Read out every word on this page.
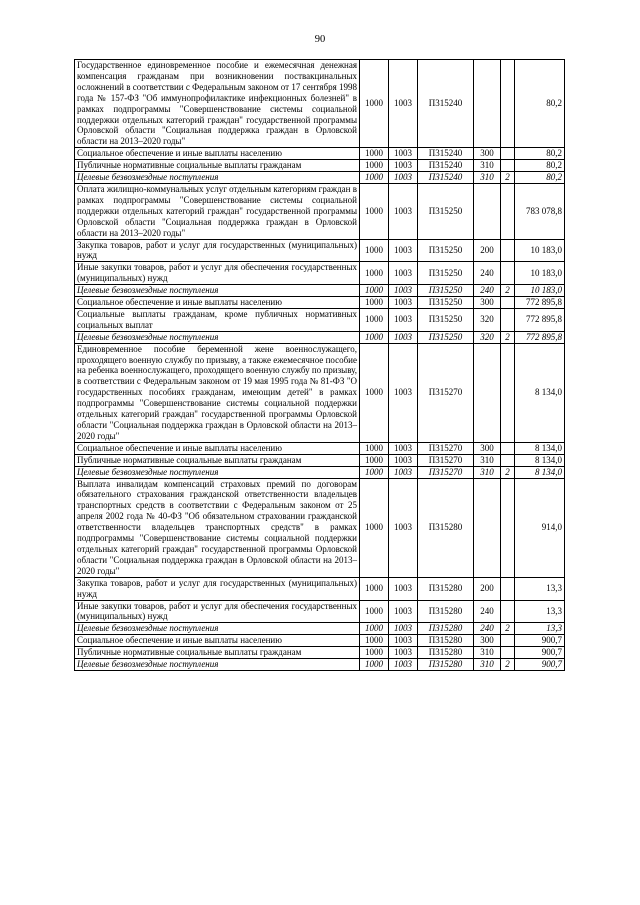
90
Государственное единовременное пособие и ежемесячная денежная компенсация гражданам при возникновении поствакцинальных осложнений в соответствии с Федеральным законом от 17 сентября 1998 года № 157-ФЗ "Об иммунопрофилактике инфекционных болезней" в рамках подпрограммы "Совершенствование системы социальной поддержки отдельных категорий граждан" государственной программы Орловской области "Социальная поддержка граждан в Орловской области на 2013–2020 годы"	1000	1003	П315240			80,2
Социальное обеспечение и иные выплаты населению	1000	1003	П315240	300		80,2
Публичные нормативные социальные выплаты гражданам	1000	1003	П315240	310		80,2
Целевые безвозмездные поступления	1000	1003	П315240	310	2	80,2
Оплата жилищно-коммунальных услуг отдельным категориям граждан в рамках подпрограммы "Совершенствование системы социальной поддержки отдельных категорий граждан" государственной программы Орловской области "Социальная поддержка граждан в Орловской области на 2013–2020 годы"	1000	1003	П315250			783 078,8
Закупка товаров, работ и услуг для государственных (муниципальных) нужд	1000	1003	П315250	200		10 183,0
Иные закупки товаров, работ и услуг для обеспечения государственных (муниципальных) нужд	1000	1003	П315250	240		10 183,0
Целевые безвозмездные поступления	1000	1003	П315250	240	2	10 183,0
Социальное обеспечение и иные выплаты населению	1000	1003	П315250	300		772 895,8
Социальные выплаты гражданам, кроме публичных нормативных социальных выплат	1000	1003	П315250	320		772 895,8
Целевые безвозмездные поступления	1000	1003	П315250	320	2	772 895,8
Единовременное пособие беременной жене военнослужащего, проходящего военную службу по призыву, а также ежемесячное пособие на ребенка военнослужащего, проходящего военную службу по призыву, в соответствии с Федеральным законом от 19 мая 1995 года № 81-ФЗ "О государственных пособиях гражданам, имеющим детей" в рамках подпрограммы "Совершенствование системы социальной поддержки отдельных категорий граждан" государственной программы Орловской области "Социальная поддержка граждан в Орловской области на 2013–2020 годы"	1000	1003	П315270			8 134,0
Социальное обеспечение и иные выплаты населению	1000	1003	П315270	300		8 134,0
Публичные нормативные социальные выплаты гражданам	1000	1003	П315270	310		8 134,0
Целевые безвозмездные поступления	1000	1003	П315270	310	2	8 134,0
Выплата инвалидам компенсаций страховых премий по договорам обязательного страхования гражданской ответственности владельцев транспортных средств в соответствии с Федеральным законом от 25 апреля 2002 года № 40-ФЗ "Об обязательном страховании гражданской ответственности владельцев транспортных средств" в рамках подпрограммы "Совершенствование системы социальной поддержки отдельных категорий граждан" государственной программы Орловской области "Социальная поддержка граждан в Орловской области на 2013–2020 годы"	1000	1003	П315280			914,0
Закупка товаров, работ и услуг для государственных (муниципальных) нужд	1000	1003	П315280	200		13,3
Иные закупки товаров, работ и услуг для обеспечения государственных (муниципальных) нужд	1000	1003	П315280	240		13,3
Целевые безвозмездные поступления	1000	1003	П315280	240	2	13,3
Социальное обеспечение и иные выплаты населению	1000	1003	П315280	300		900,7
Публичные нормативные социальные выплаты гражданам	1000	1003	П315280	310		900,7
Целевые безвозмездные поступления	1000	1003	П315280	310	2	900,7
